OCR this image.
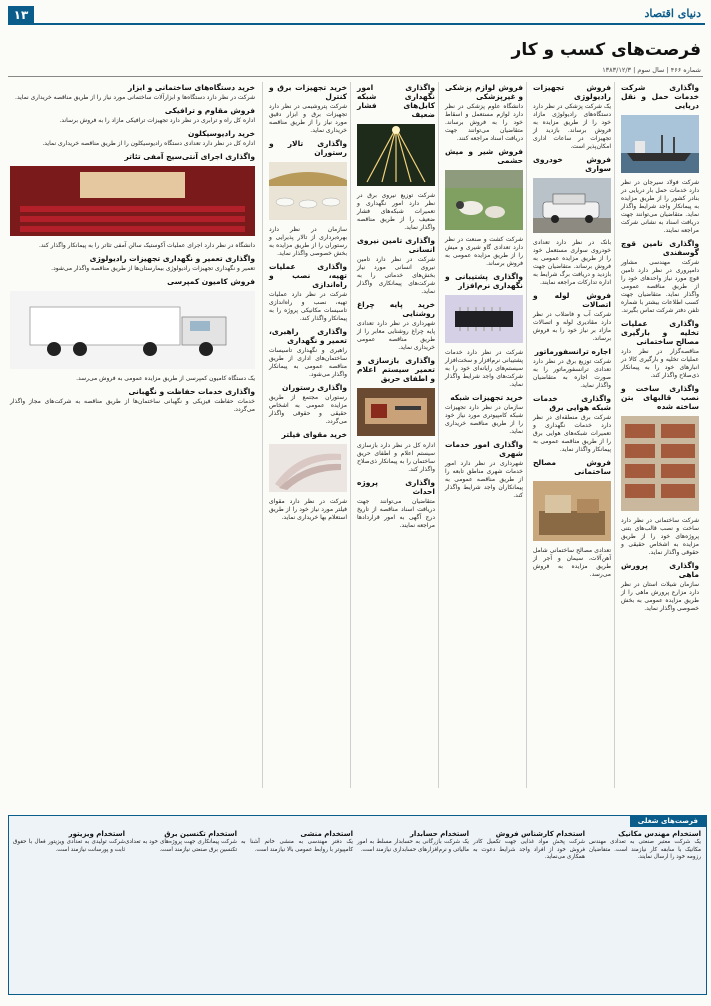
١٣	دنیای اقتصاد
فرصت‌های کسب و کار
شماره ۴۶۶ | سال سوم | ۱۳۸۳/۱۲/۳
واگذاری شرکت خدمات حمل و نقل دریایی

شرکت فولاد سیرجان در نظر دارد خدمات حمل بار دریایی در بنادر کشور را از طریق مزایده به پیمانکار واجد شرایط واگذار نماید. متقاضیان می‌توانند جهت دریافت اسناد به نشانی شرکت مراجعه نمایند.

واگذاری تامین قوچ گوسفندی

شرکت مهندسی مشاور دامپروری در نظر دارد تامین قوچ مورد نیاز واحدهای خود را از طریق مناقصه عمومی واگذار نماید. متقاضیان جهت کسب اطلاعات بیشتر با شماره تلفن دفتر شرکت تماس بگیرند.

واگذاری عملیات تخلیه و بارگیری مصالح ساختمانی

مناقصه‌گزار در نظر دارد عملیات تخلیه و بارگیری کالا در انبارهای خود را به پیمانکار ذی‌صلاح واگذار کند.

واگذاری ساخت و نصب قالبهای بتن ساخته شده

شرکت ساختمانی در نظر دارد ساخت و نصب قالب‌های بتنی پروژه‌های خود را از طریق مزایده به اشخاص حقیقی و حقوقی واگذار نماید.

واگذاری پرورش ماهی

سازمان شیلات استان در نظر دارد مزارع پرورش ماهی را از طریق مزایده عمومی به بخش خصوصی واگذار نماید.

فروش تجهیزات رادیولوژی

یک شرکت پزشکی در نظر دارد دستگاه‌های رادیولوژی مازاد خود را از طریق مزایده به فروش برساند. بازدید از تجهیزات در ساعات اداری امکان‌پذیر است.

فروش خودروی سواری

بانک در نظر دارد تعدادی خودروی سواری مستعمل خود را از طریق مزایده عمومی به فروش برساند. متقاضیان جهت بازدید و دریافت برگ شرایط به اداره تدارکات مراجعه نمایند.

فروش لوله و اتصالات

شرکت آب و فاضلاب در نظر دارد مقادیری لوله و اتصالات مازاد بر نیاز خود را به فروش برساند.

اجاره ترانسفورماتور

شرکت توزیع برق در نظر دارد تعدادی ترانسفورماتور را به صورت اجاره به متقاضیان واگذار نماید.

واگذاری خدمات شبکه هوایی برق

شرکت برق منطقه‌ای در نظر دارد خدمات نگهداری و تعمیرات شبکه‌های هوایی برق را از طریق مناقصه عمومی به پیمانکار واگذار نماید.

فروش مصالح ساختمانی

تعدادی مصالح ساختمانی شامل آهن‌آلات، سیمان و آجر از طریق مزایده به فروش می‌رسد.

فروش لوازم پزشکی و غیرپزشکی

دانشگاه علوم پزشکی در نظر دارد لوازم مستعمل و اسقاط خود را به فروش برساند. متقاضیان می‌توانند جهت دریافت اسناد مراجعه کنند.

فروش شیر و میش حشمی

شرکت کشت و صنعت در نظر دارد تعدادی گاو شیری و میش را از طریق مزایده عمومی به فروش برساند.

واگذاری پشتیبانی و نگهداری نرم‌افزار

شرکت در نظر دارد خدمات پشتیبانی نرم‌افزار و سخت‌افزار سیستم‌های رایانه‌ای خود را به شرکت‌های واجد شرایط واگذار نماید.

خرید تجهیزات شبکه

سازمان در نظر دارد تجهیزات شبکه کامپیوتری مورد نیاز خود را از طریق مناقصه خریداری نماید.

واگذاری امور خدمات شهری

شهرداری در نظر دارد امور خدمات شهری مناطق تابعه را از طریق مناقصه عمومی به پیمانکاران واجد شرایط واگذار کند.

واگذاری امور نگهداری شبکه کابل‌های فشار ضعیف

شرکت توزیع نیروی برق در نظر دارد امور نگهداری و تعمیرات شبکه‌های فشار ضعیف را از طریق مناقصه واگذار نماید.

واگذاری تامین نیروی انسانی

شرکت در نظر دارد تامین نیروی انسانی مورد نیاز بخش‌های خدماتی را به شرکت‌های پیمانکاری واگذار نماید.

خرید پایه چراغ روشنایی

شهرداری در نظر دارد تعدادی پایه چراغ روشنایی معابر را از طریق مناقصه عمومی خریداری نماید.

واگذاری بازسازی و تعمیر سیستم اعلام و اطفای حریق

اداره کل در نظر دارد بازسازی سیستم اعلام و اطفای حریق ساختمان را به پیمانکار ذی‌صلاح واگذار کند.

واگذاری پروژه احداث

متقاضیان می‌توانند جهت دریافت اسناد مناقصه از تاریخ درج آگهی به امور قراردادها مراجعه نمایند.

خرید تجهیزات برق و کنترل

شرکت پتروشیمی در نظر دارد تجهیزات برق و ابزار دقیق مورد نیاز را از طریق مناقصه خریداری نماید.

واگذاری تالار و رستوران

سازمان در نظر دارد بهره‌برداری از تالار پذیرایی و رستوران را از طریق مزایده به بخش خصوصی واگذار نماید.

واگذاری عملیات تهیه، نصب و راه‌اندازی

شرکت در نظر دارد عملیات تهیه، نصب و راه‌اندازی تاسیسات مکانیکی پروژه را به پیمانکار واگذار کند.

واگذاری راهبری، تعمیر و نگهداری

راهبری و نگهداری تاسیسات ساختمان‌های اداری از طریق مناقصه عمومی به پیمانکار واگذار می‌شود.

واگذاری رستوران

رستوران مجتمع از طریق مزایده عمومی به اشخاص حقیقی و حقوقی واگذار می‌گردد.

خرید مقوای فیلتر

شرکت در نظر دارد مقوای فیلتر مورد نیاز خود را از طریق استعلام بها خریداری نماید.

خرید دستگاه‌های ساختمانی و ابزار

شرکت در نظر دارد دستگاه‌ها و ابزارآلات ساختمانی مورد نیاز را از طریق مناقصه خریداری نماید.

فروش مقاوم و ترافیکی

اداره کل راه و ترابری در نظر دارد تجهیزات ترافیکی مازاد را به فروش برساند.

خرید رادیوسیکلون

اداره کل در نظر دارد تعدادی دستگاه رادیوسیکلون را از طریق مناقصه خریداری نماید.

واگذاری اجرای آنتی‌سیج آمفی تئاتر

دانشگاه در نظر دارد اجرای عملیات آکوستیک سالن آمفی تئاتر را به پیمانکار واگذار کند.

واگذاری تعمیر و نگهداری تجهیزات رادیولوژی

تعمیر و نگهداری تجهیزات رادیولوژی بیمارستان‌ها از طریق مناقصه واگذار می‌شود.

فروش کامیون کمپرسی

یک دستگاه کامیون کمپرسی از طریق مزایده عمومی به فروش می‌رسد.

واگذاری خدمات حفاظت و نگهبانی

خدمات حفاظت فیزیکی و نگهبانی ساختمان‌ها از طریق مناقصه به شرکت‌های مجاز واگذار می‌گردد.

فرصت‌های شغلی
استخدام مهندس مکانیک

یک شرکت معتبر صنعتی به تعدادی مهندس مکانیک با سابقه کار نیازمند است. متقاضیان رزومه خود را ارسال نمایند.

استخدام کارشناس فروش

شرکت پخش مواد غذایی جهت تکمیل کادر فروش خود از افراد واجد شرایط دعوت به همکاری می‌نماید.

استخدام حسابدار

یک شرکت بازرگانی به حسابدار مسلط به امور مالیاتی و نرم‌افزارهای حسابداری نیازمند است.

استخدام منشی

یک دفتر مهندسی به منشی خانم آشنا به کامپیوتر با روابط عمومی بالا نیازمند است.

استخدام تکنسین برق

شرکت پیمانکاری جهت پروژه‌های خود به تعدادی تکنسین برق صنعتی نیازمند است.

استخدام ویزیتور

شرکت تولیدی به تعدادی ویزیتور فعال با حقوق ثابت و پورسانت نیازمند است.
